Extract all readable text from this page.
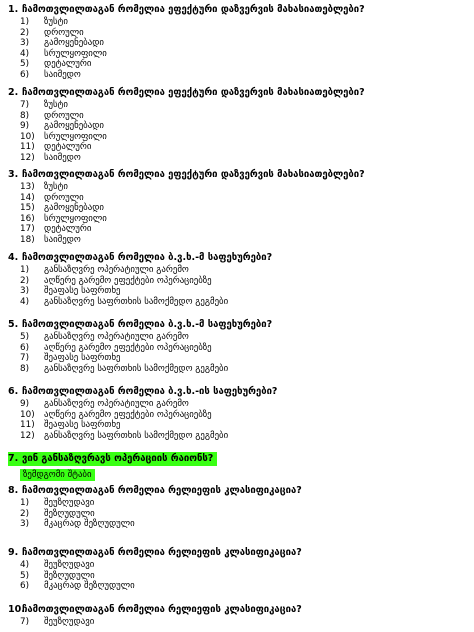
1. ჩამოთვლილთაგან რომელია ეფექტური დაზვერვის მახასიათებლები?
1) ზუსტი
2) დროული
3) გამოყენებადი
4) სრულყოფილი
5) დეტალური
6) საიმედო
2. ჩამოთვლილთაგან რომელია ეფექტური დაზვერვის მახასიათებლები?
7) ზუსტი
8) დროული
9) გამოყენებადი
10) სრულყოფილი
11) დეტალური
12) საიმედო
3. ჩამოთვლილთაგან რომელია ეფექტური დაზვერვის მახასიათებლები?
13) ზუსტი
14) დროული
15) გამოყენებადი
16) სრულყოფილი
17) დეტალური
18) საიმედო
4. ჩამოთვლილთაგან რომელია ბ.ვ.ხ.-მ საფეხურები?
1) განსაზღვრე ოპერატიული გარემო
2) აღწერე გარემო ეფექტები ოპერაციებზე
3) შეაფასე საფრთხე
4) განსაზღვრე საფრთხის სამოქმედო გეგმები
5. ჩამოთვლილთაგან რომელია ბ.ვ.ხ.-მ საფეხურები?
5) განსაზღვრე ოპერატიული გარემო
6) აღწერე გარემო ეფექტები ოპერაციებზე
7) შეაფასე საფრთხე
8) განსაზღვრე საფრთხის სამოქმედო გეგმები
6. ჩამოთვლილთაგან რომელია ბ.ვ.ხ.-ის საფეხურები?
9) განსაზღვრე ოპერატიული გარემო
10) აღწერე გარემო ეფექტები ოპერაციებზე
11) შეაფასე საფრთხე
12) განსაზღვრე საფრთხის სამოქმედო გეგმები
7. ვინ განსაზღვრავს ოპერაციის რაიონს?
ზემდგომი შტაბი
8. ჩამოთვლილთაგან რომელია რელიეფის კლასიფიკაცია?
1) შეუზღუდავი
2) შეზღუდული
3) მკაცრად შეზღუდული
9. ჩამოთვლილთაგან რომელია რელიეფის კლასიფიკაცია?
4) შეუზღუდავი
5) შეზღუდული
6) მკაცრად შეზღუდული
10.ჩამოთვლილთაგან რომელია რელიეფის კლასიფიკაცია?
7) შეუზღუდავი
